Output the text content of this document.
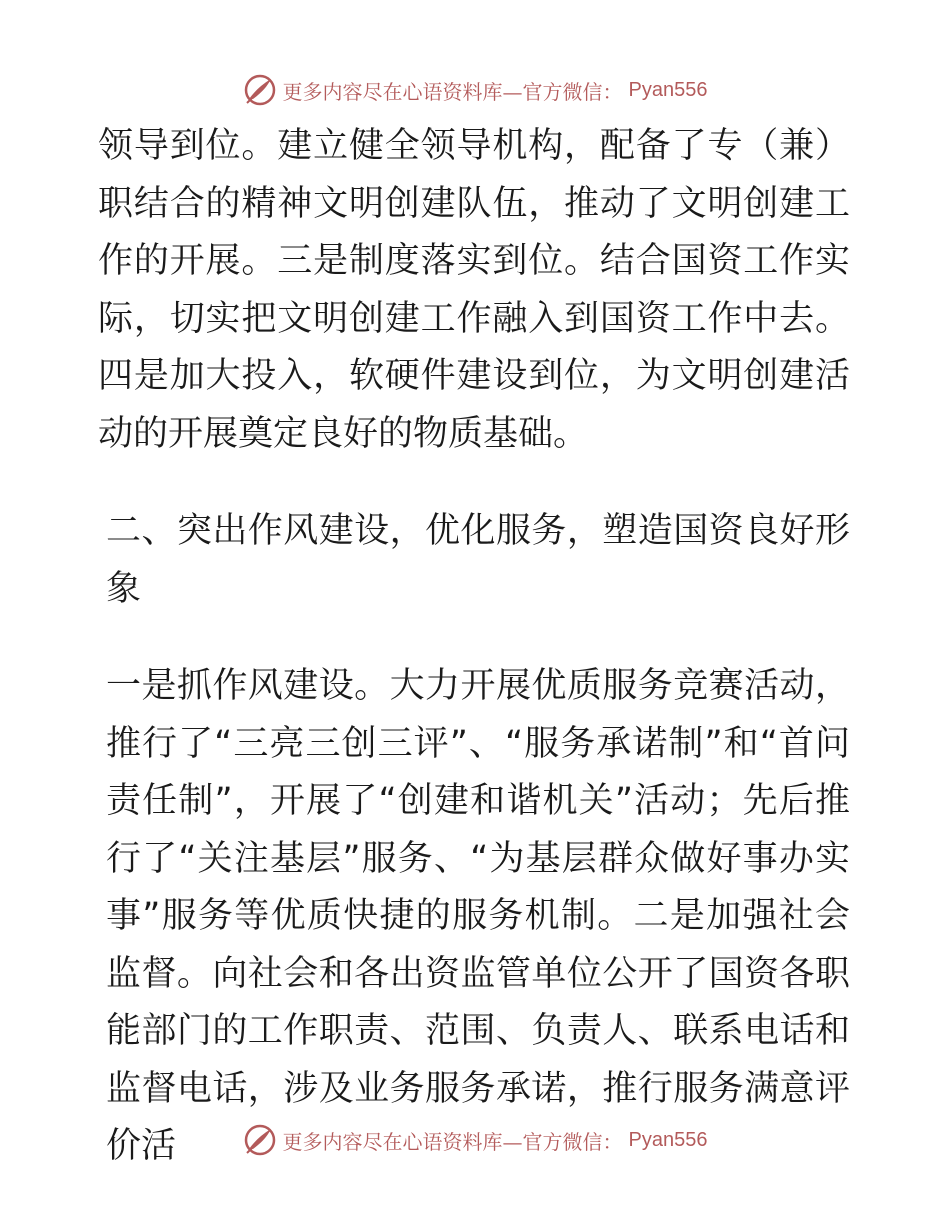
更多内容尽在心语资料库—官方微信： Pyan556

领导到位。建立健全领导机构，配备了专（兼）职结合的精神文明创建队伍，推动了文明创建工作的开展。三是制度落实到位。结合国资工作实际，切实把文明创建工作融入到国资工作中去。四是加大投入，软硬件建设到位，为文明创建活动的开展奠定良好的物质基础。

二、突出作风建设，优化服务，塑造国资良好形象

一是抓作风建设。大力开展优质服务竞赛活动，推行了“三亮三创三评”、“服务承诺制”和“首问责任制”，开展了“创建和谐机关”活动；先后推行了“关注基层”服务、“为基层群众做好事办实事”服务等优质快捷的服务机制。二是加强社会监督。向社会和各出资监管单位公开了国资各职能部门的工作职责、范围、负责人、联系电话和监督电话，涉及业务服务承诺，推行服务满意评价活	更多内容尽在心语资料库—官方微信： Pyan556
